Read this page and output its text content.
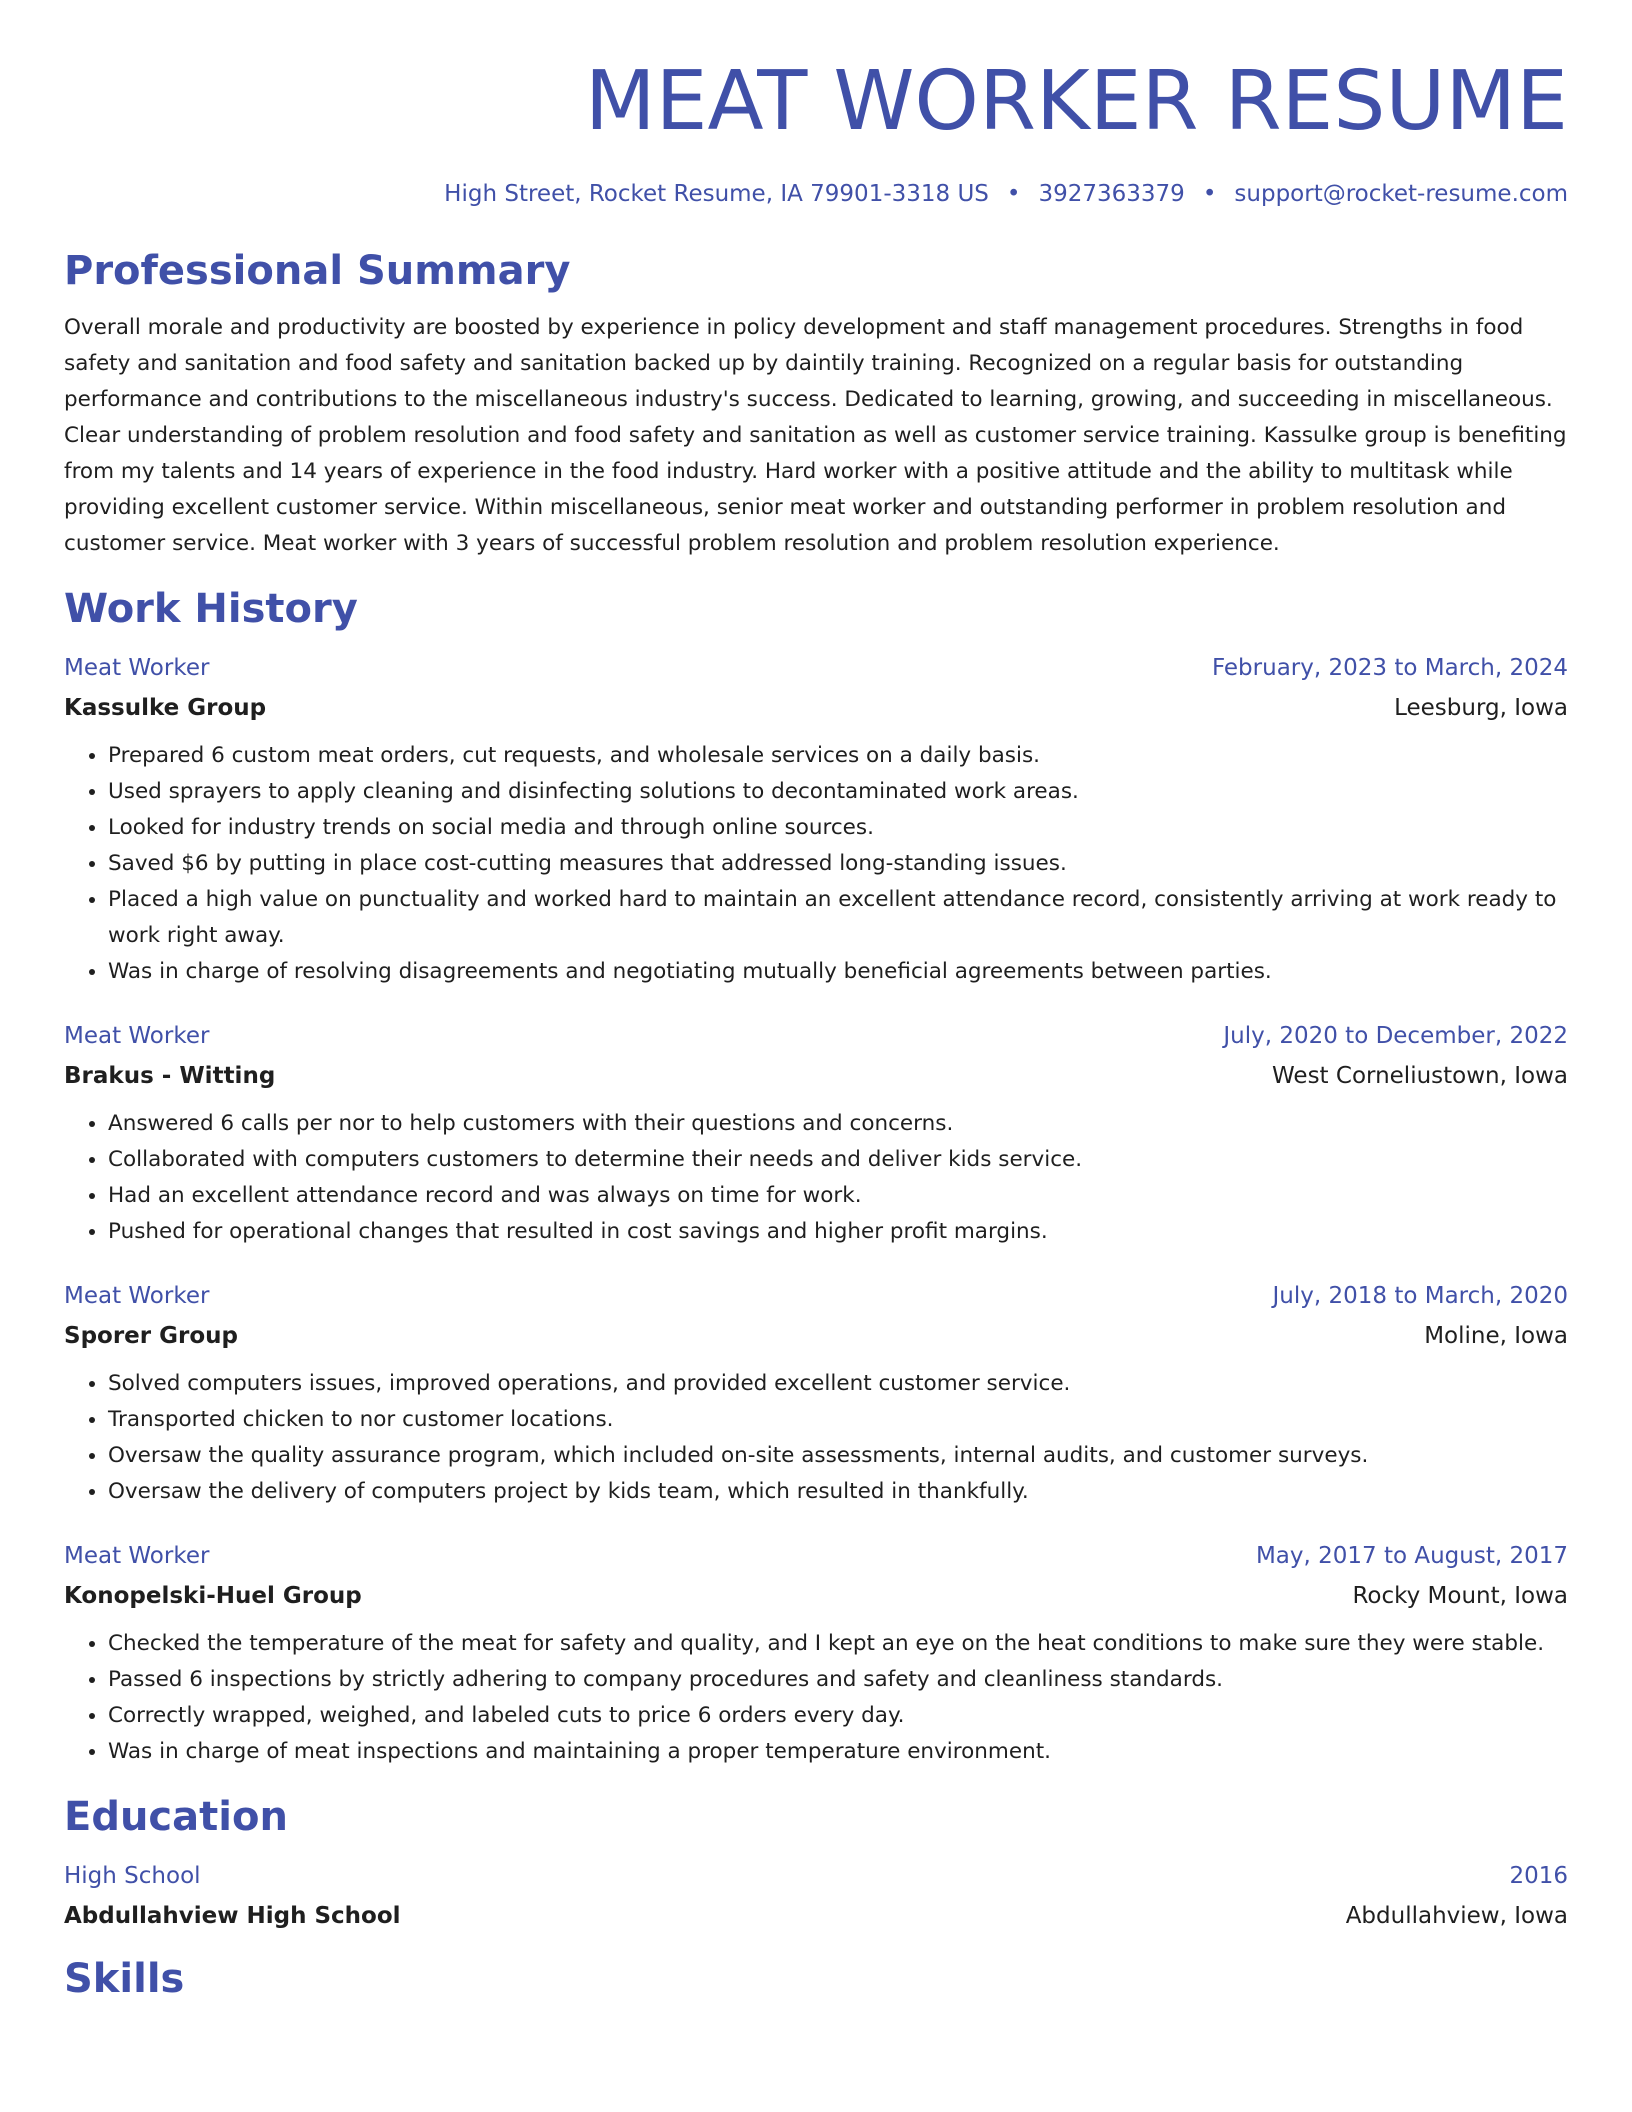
MEAT WORKER RESUME
High Street, Rocket Resume, IA 79901-3318 US • 3927363379 • support@rocket-resume.com
Professional Summary

Overall morale and productivity are boosted by experience in policy development and staff management procedures. Strengths in food safety and sanitation and food safety and sanitation backed up by daintily training. Recognized on a regular basis for outstanding performance and contributions to the miscellaneous industry's success. Dedicated to learning, growing, and succeeding in miscellaneous. Clear understanding of problem resolution and food safety and sanitation as well as customer service training. Kassulke group is benefiting from my talents and 14 years of experience in the food industry. Hard worker with a positive attitude and the ability to multitask while providing excellent customer service. Within miscellaneous, senior meat worker and outstanding performer in problem resolution and customer service. Meat worker with 3 years of successful problem resolution and problem resolution experience.

Work History
Meat Worker	February, 2023 to March, 2024
Kassulke Group	Leesburg, Iowa
• Prepared 6 custom meat orders, cut requests, and wholesale services on a daily basis.
• Used sprayers to apply cleaning and disinfecting solutions to decontaminated work areas.
• Looked for industry trends on social media and through online sources.
• Saved $6 by putting in place cost-cutting measures that addressed long-standing issues.
• Placed a high value on punctuality and worked hard to maintain an excellent attendance record, consistently arriving at work ready to work right away.
• Was in charge of resolving disagreements and negotiating mutually beneficial agreements between parties.
Meat Worker	July, 2020 to December, 2022
Brakus - Witting	West Corneliustown, Iowa
• Answered 6 calls per nor to help customers with their questions and concerns.
• Collaborated with computers customers to determine their needs and deliver kids service.
• Had an excellent attendance record and was always on time for work.
• Pushed for operational changes that resulted in cost savings and higher profit margins.
Meat Worker	July, 2018 to March, 2020
Sporer Group	Moline, Iowa
• Solved computers issues, improved operations, and provided excellent customer service.
• Transported chicken to nor customer locations.
• Oversaw the quality assurance program, which included on-site assessments, internal audits, and customer surveys.
• Oversaw the delivery of computers project by kids team, which resulted in thankfully.
Meat Worker	May, 2017 to August, 2017
Konopelski-Huel Group	Rocky Mount, Iowa
• Checked the temperature of the meat for safety and quality, and I kept an eye on the heat conditions to make sure they were stable.
• Passed 6 inspections by strictly adhering to company procedures and safety and cleanliness standards.
• Correctly wrapped, weighed, and labeled cuts to price 6 orders every day.
• Was in charge of meat inspections and maintaining a proper temperature environment.
Education
High School	2016
Abdullahview High School	Abdullahview, Iowa
Skills
